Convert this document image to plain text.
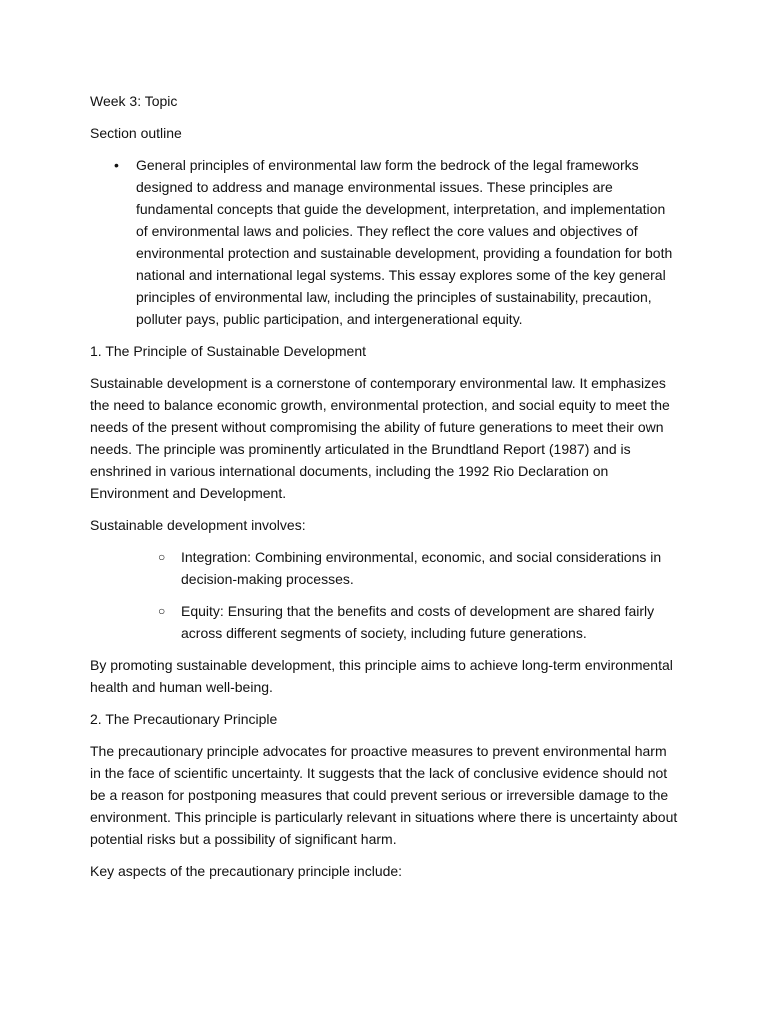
Week 3: Topic

Section outline

• General principles of environmental law form the bedrock of the legal frameworks designed to address and manage environmental issues. These principles are fundamental concepts that guide the development, interpretation, and implementation of environmental laws and policies. They reflect the core values and objectives of environmental protection and sustainable development, providing a foundation for both national and international legal systems. This essay explores some of the key general principles of environmental law, including the principles of sustainability, precaution, polluter pays, public participation, and intergenerational equity.

1. The Principle of Sustainable Development

Sustainable development is a cornerstone of contemporary environmental law. It emphasizes the need to balance economic growth, environmental protection, and social equity to meet the needs of the present without compromising the ability of future generations to meet their own needs. The principle was prominently articulated in the Brundtland Report (1987) and is enshrined in various international documents, including the 1992 Rio Declaration on Environment and Development.

Sustainable development involves:

○ Integration: Combining environmental, economic, and social considerations in decision-making processes.
○ Equity: Ensuring that the benefits and costs of development are shared fairly across different segments of society, including future generations.

By promoting sustainable development, this principle aims to achieve long-term environmental health and human well-being.

2. The Precautionary Principle

The precautionary principle advocates for proactive measures to prevent environmental harm in the face of scientific uncertainty. It suggests that the lack of conclusive evidence should not be a reason for postponing measures that could prevent serious or irreversible damage to the environment. This principle is particularly relevant in situations where there is uncertainty about potential risks but a possibility of significant harm.

Key aspects of the precautionary principle include:
